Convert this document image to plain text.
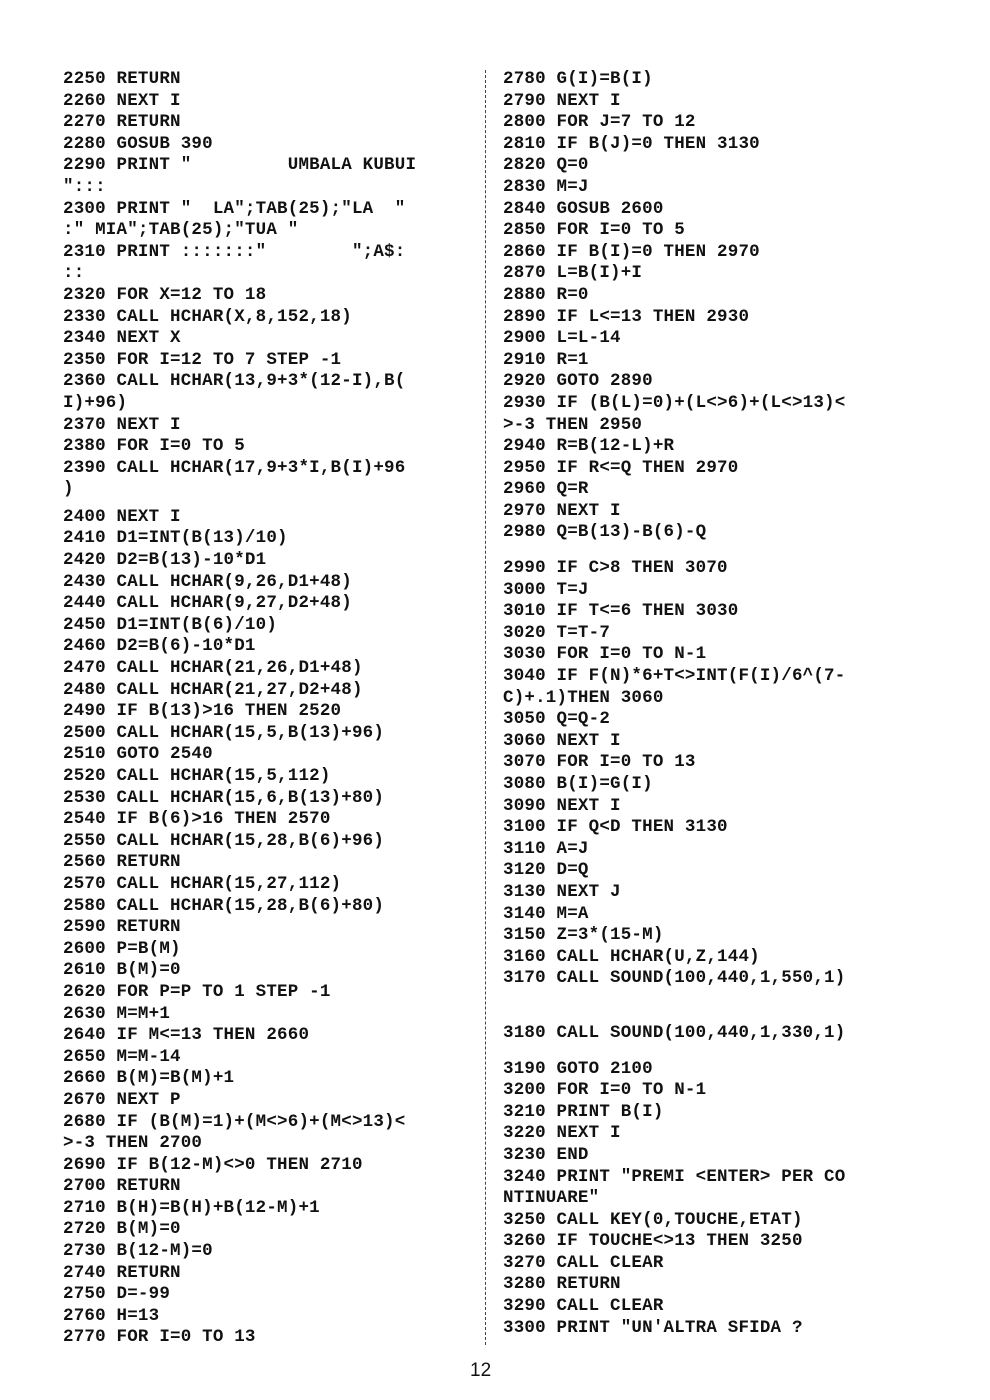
2250 RETURN
2260 NEXT I
2270 RETURN
2280 GOSUB 390
2290 PRINT "         UMBALA KUBUI
":::
2300 PRINT "  LA";TAB(25);"LA  "
:" MIA";TAB(25);"TUA "
2310 PRINT :::::::"        ";A$:
::
2320 FOR X=12 TO 18
2330 CALL HCHAR(X,8,152,18)
2340 NEXT X
2350 FOR I=12 TO 7 STEP -1
2360 CALL HCHAR(13,9+3*(12-I),B(
I)+96)
2370 NEXT I
2380 FOR I=0 TO 5
2390 CALL HCHAR(17,9+3*I,B(I)+96
)
2400 NEXT I
2410 D1=INT(B(13)/10)
2420 D2=B(13)-10*D1
2430 CALL HCHAR(9,26,D1+48)
2440 CALL HCHAR(9,27,D2+48)
2450 D1=INT(B(6)/10)
2460 D2=B(6)-10*D1
2470 CALL HCHAR(21,26,D1+48)
2480 CALL HCHAR(21,27,D2+48)
2490 IF B(13)>16 THEN 2520
2500 CALL HCHAR(15,5,B(13)+96)
2510 GOTO 2540
2520 CALL HCHAR(15,5,112)
2530 CALL HCHAR(15,6,B(13)+80)
2540 IF B(6)>16 THEN 2570
2550 CALL HCHAR(15,28,B(6)+96)
2560 RETURN
2570 CALL HCHAR(15,27,112)
2580 CALL HCHAR(15,28,B(6)+80)
2590 RETURN
2600 P=B(M)
2610 B(M)=0
2620 FOR P=P TO 1 STEP -1
2630 M=M+1
2640 IF M<=13 THEN 2660
2650 M=M-14
2660 B(M)=B(M)+1
2670 NEXT P
2680 IF (B(M)=1)+(M<>6)+(M<>13)<
>-3 THEN 2700
2690 IF B(12-M)<>0 THEN 2710
2700 RETURN
2710 B(H)=B(H)+B(12-M)+1
2720 B(M)=0
2730 B(12-M)=0
2740 RETURN
2750 D=-99
2760 H=13
2770 FOR I=0 TO 13
2780 G(I)=B(I)
2790 NEXT I
2800 FOR J=7 TO 12
2810 IF B(J)=0 THEN 3130
2820 Q=0
2830 M=J
2840 GOSUB 2600
2850 FOR I=0 TO 5
2860 IF B(I)=0 THEN 2970
2870 L=B(I)+I
2880 R=0
2890 IF L<=13 THEN 2930
2900 L=L-14
2910 R=1
2920 GOTO 2890
2930 IF (B(L)=0)+(L<>6)+(L<>13)<
>-3 THEN 2950
2940 R=B(12-L)+R
2950 IF R<=Q THEN 2970
2960 Q=R
2970 NEXT I
2980 Q=B(13)-B(6)-Q
2990 IF C>8 THEN 3070
3000 T=J
3010 IF T<=6 THEN 3030
3020 T=T-7
3030 FOR I=0 TO N-1
3040 IF F(N)*6+T<>INT(F(I)/6^(7-
C)+.1)THEN 3060
3050 Q=Q-2
3060 NEXT I
3070 FOR I=0 TO 13
3080 B(I)=G(I)
3090 NEXT I
3100 IF Q<D THEN 3130
3110 A=J
3120 D=Q
3130 NEXT J
3140 M=A
3150 Z=3*(15-M)
3160 CALL HCHAR(U,Z,144)
3170 CALL SOUND(100,440,1,550,1)
3180 CALL SOUND(100,440,1,330,1)
3190 GOTO 2100
3200 FOR I=0 TO N-1
3210 PRINT B(I)
3220 NEXT I
3230 END
3240 PRINT "PREMI <ENTER> PER CO
NTINUARE"
3250 CALL KEY(0,TOUCHE,ETAT)
3260 IF TOUCHE<>13 THEN 3250
3270 CALL CLEAR
3280 RETURN
3290 CALL CLEAR
3300 PRINT "UN'ALTRA SFIDA ?
12
